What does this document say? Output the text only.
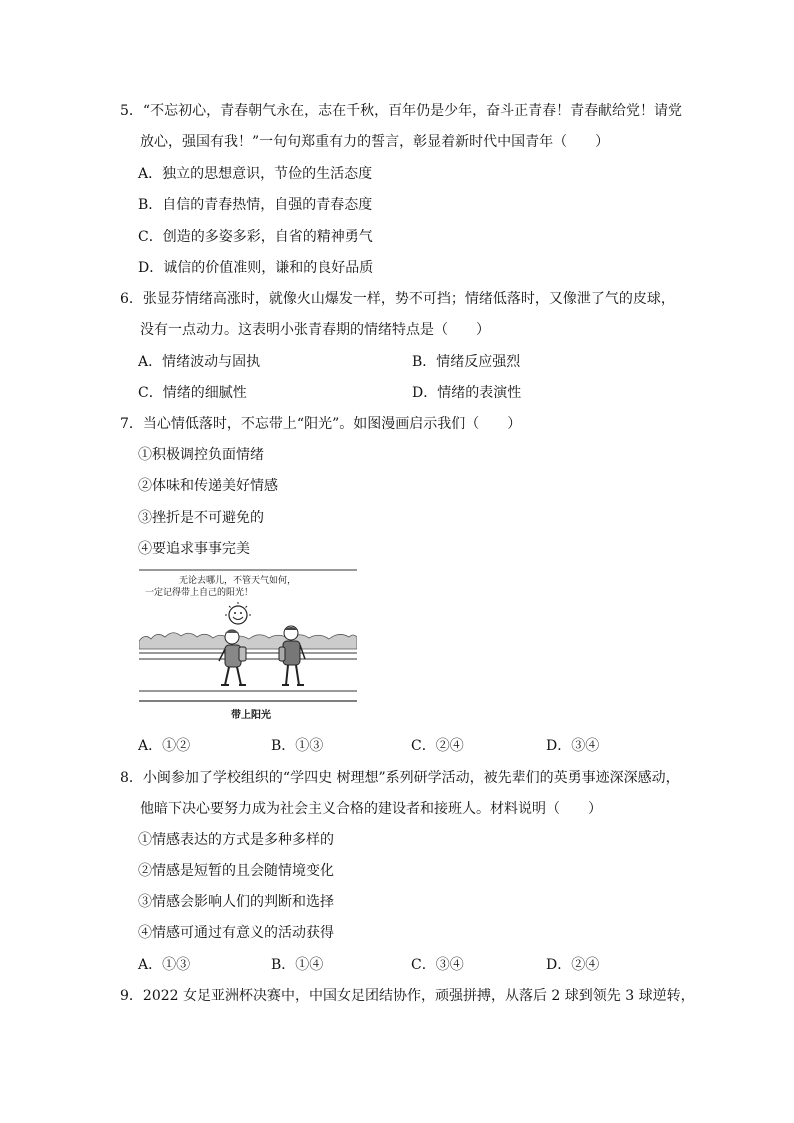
5．“不忘初心，青春朝气永在，志在千秋，百年仍是少年，奋斗正青春！青春献给党！请党
放心，强国有我！”一句句郑重有力的誓言，彰显着新时代中国青年（　　）
A．独立的思想意识，节俭的生活态度
B．自信的青春热情，自强的青春态度
C．创造的多姿多彩，自省的精神勇气
D．诚信的价值准则，谦和的良好品质
6．张显芬情绪高涨时，就像火山爆发一样，势不可挡；情绪低落时，又像泄了气的皮球，
没有一点动力。这表明小张青春期的情绪特点是（　　）
A．情绪波动与固执	B．情绪反应强烈
C．情绪的细腻性	D．情绪的表演性
7．当心情低落时，不忘带上“阳光”。如图漫画启示我们（　　）
①积极调控负面情绪
②体味和传递美好情感
③挫折是不可避免的
④要追求事事完美
无论去哪儿，不管天气如何，
一定记得带上自己的阳光！
带上阳光
A．①②	B．①③	C．②④	D．③④
8．小闽参加了学校组织的“学四史 树理想”系列研学活动，被先辈们的英勇事迹深深感动，
他暗下决心要努力成为社会主义合格的建设者和接班人。材料说明（　　）
①情感表达的方式是多种多样的
②情感是短暂的且会随情境变化
③情感会影响人们的判断和选择
④情感可通过有意义的活动获得
A．①③	B．①④	C．③④	D．②④
9．2022 女足亚洲杯决赛中，中国女足团结协作，顽强拼搏，从落后 2 球到领先 3 球逆转，
